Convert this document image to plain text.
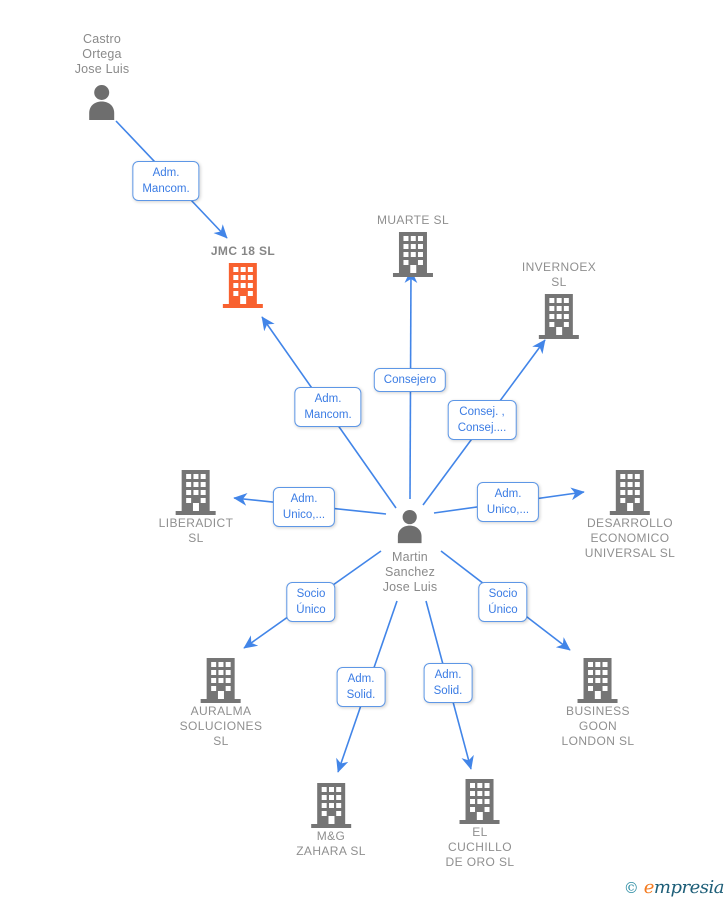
Castro
Ortega
Jose Luis
JMC 18 SL
MUARTE SL
INVERNOEX
SL
LIBERADICT
SL
DESARROLLO
ECONOMICO
UNIVERSAL SL
Martin
Sanchez
Jose Luis
AURALMA
SOLUCIONES
SL
BUSINESS
GOON
LONDON SL
M&G
ZAHARA SL
EL
CUCHILLO
DE ORO SL
Adm.
Mancom.
Adm.
Mancom.
Consejero
Consej. ,
Consej....
Adm.
Unico,...
Adm.
Unico,...
Socio
Único
Socio
Único
Adm.
Solid.
Adm.
Solid.
© empresia
